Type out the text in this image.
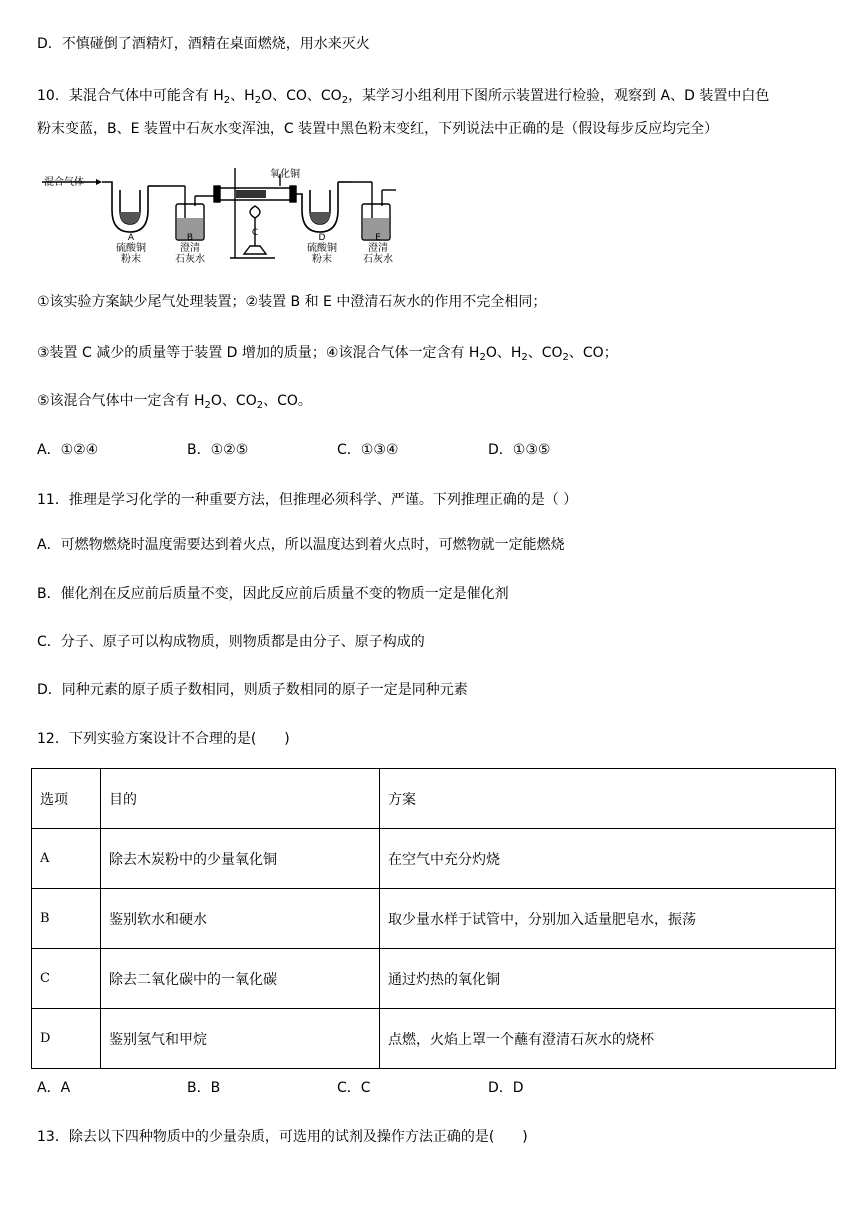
D．不慎碰倒了酒精灯，酒精在桌面燃烧，用水来灭火
10．某混合气体中可能含有 $H_2$、$H_2O$、CO、$CO_2$，某学习小组利用下图所示装置进行检验，观察到 A、D 装置中白色
粉末变蓝，B、E 装置中石灰水变浑浊，C 装置中黑色粉末变红，下列说法中正确的是（假设每步反应均完全）
混合气体
氧化铜
A
硫酸铜
粉末
B
澄清
石灰水
C	D
硫酸铜
粉末
E
澄清
石灰水
①该实验方案缺少尾气处理装置；②装置 B 和 E 中澄清石灰水的作用不完全相同；
③装置 C 减少的质量等于装置 D 增加的质量；④该混合气体一定含有 $H_2O$、$H_2$、$CO_2$、CO；
⑤该混合气体中一定含有 $H_2O$、$CO_2$、CO。
A．①②④	B．①②⑤	C．①③④	D．①③⑤
11．推理是学习化学的一种重要方法，但推理必须科学、严谨。下列推理正确的是（ ）
A．可燃物燃烧时温度需要达到着火点，所以温度达到着火点时，可燃物就一定能燃烧
B．催化剂在反应前后质量不变，因此反应前后质量不变的物质一定是催化剂
C．分子、原子可以构成物质，则物质都是由分子、原子构成的
D．同种元素的原子质子数相同，则质子数相同的原子一定是同种元素
12．下列实验方案设计不合理的是(　　)
选项	目的	方案
A	除去木炭粉中的少量氧化铜	在空气中充分灼烧
B	鉴别软水和硬水	取少量水样于试管中，分别加入适量肥皂水，振荡
C	除去二氧化碳中的一氧化碳	通过灼热的氧化铜
D	鉴别氢气和甲烷	点燃，火焰上罩一个蘸有澄清石灰水的烧杯
A．A	B．B	C．C	D．D
13．除去以下四种物质中的少量杂质，可选用的试剂及操作方法正确的是(　　)
